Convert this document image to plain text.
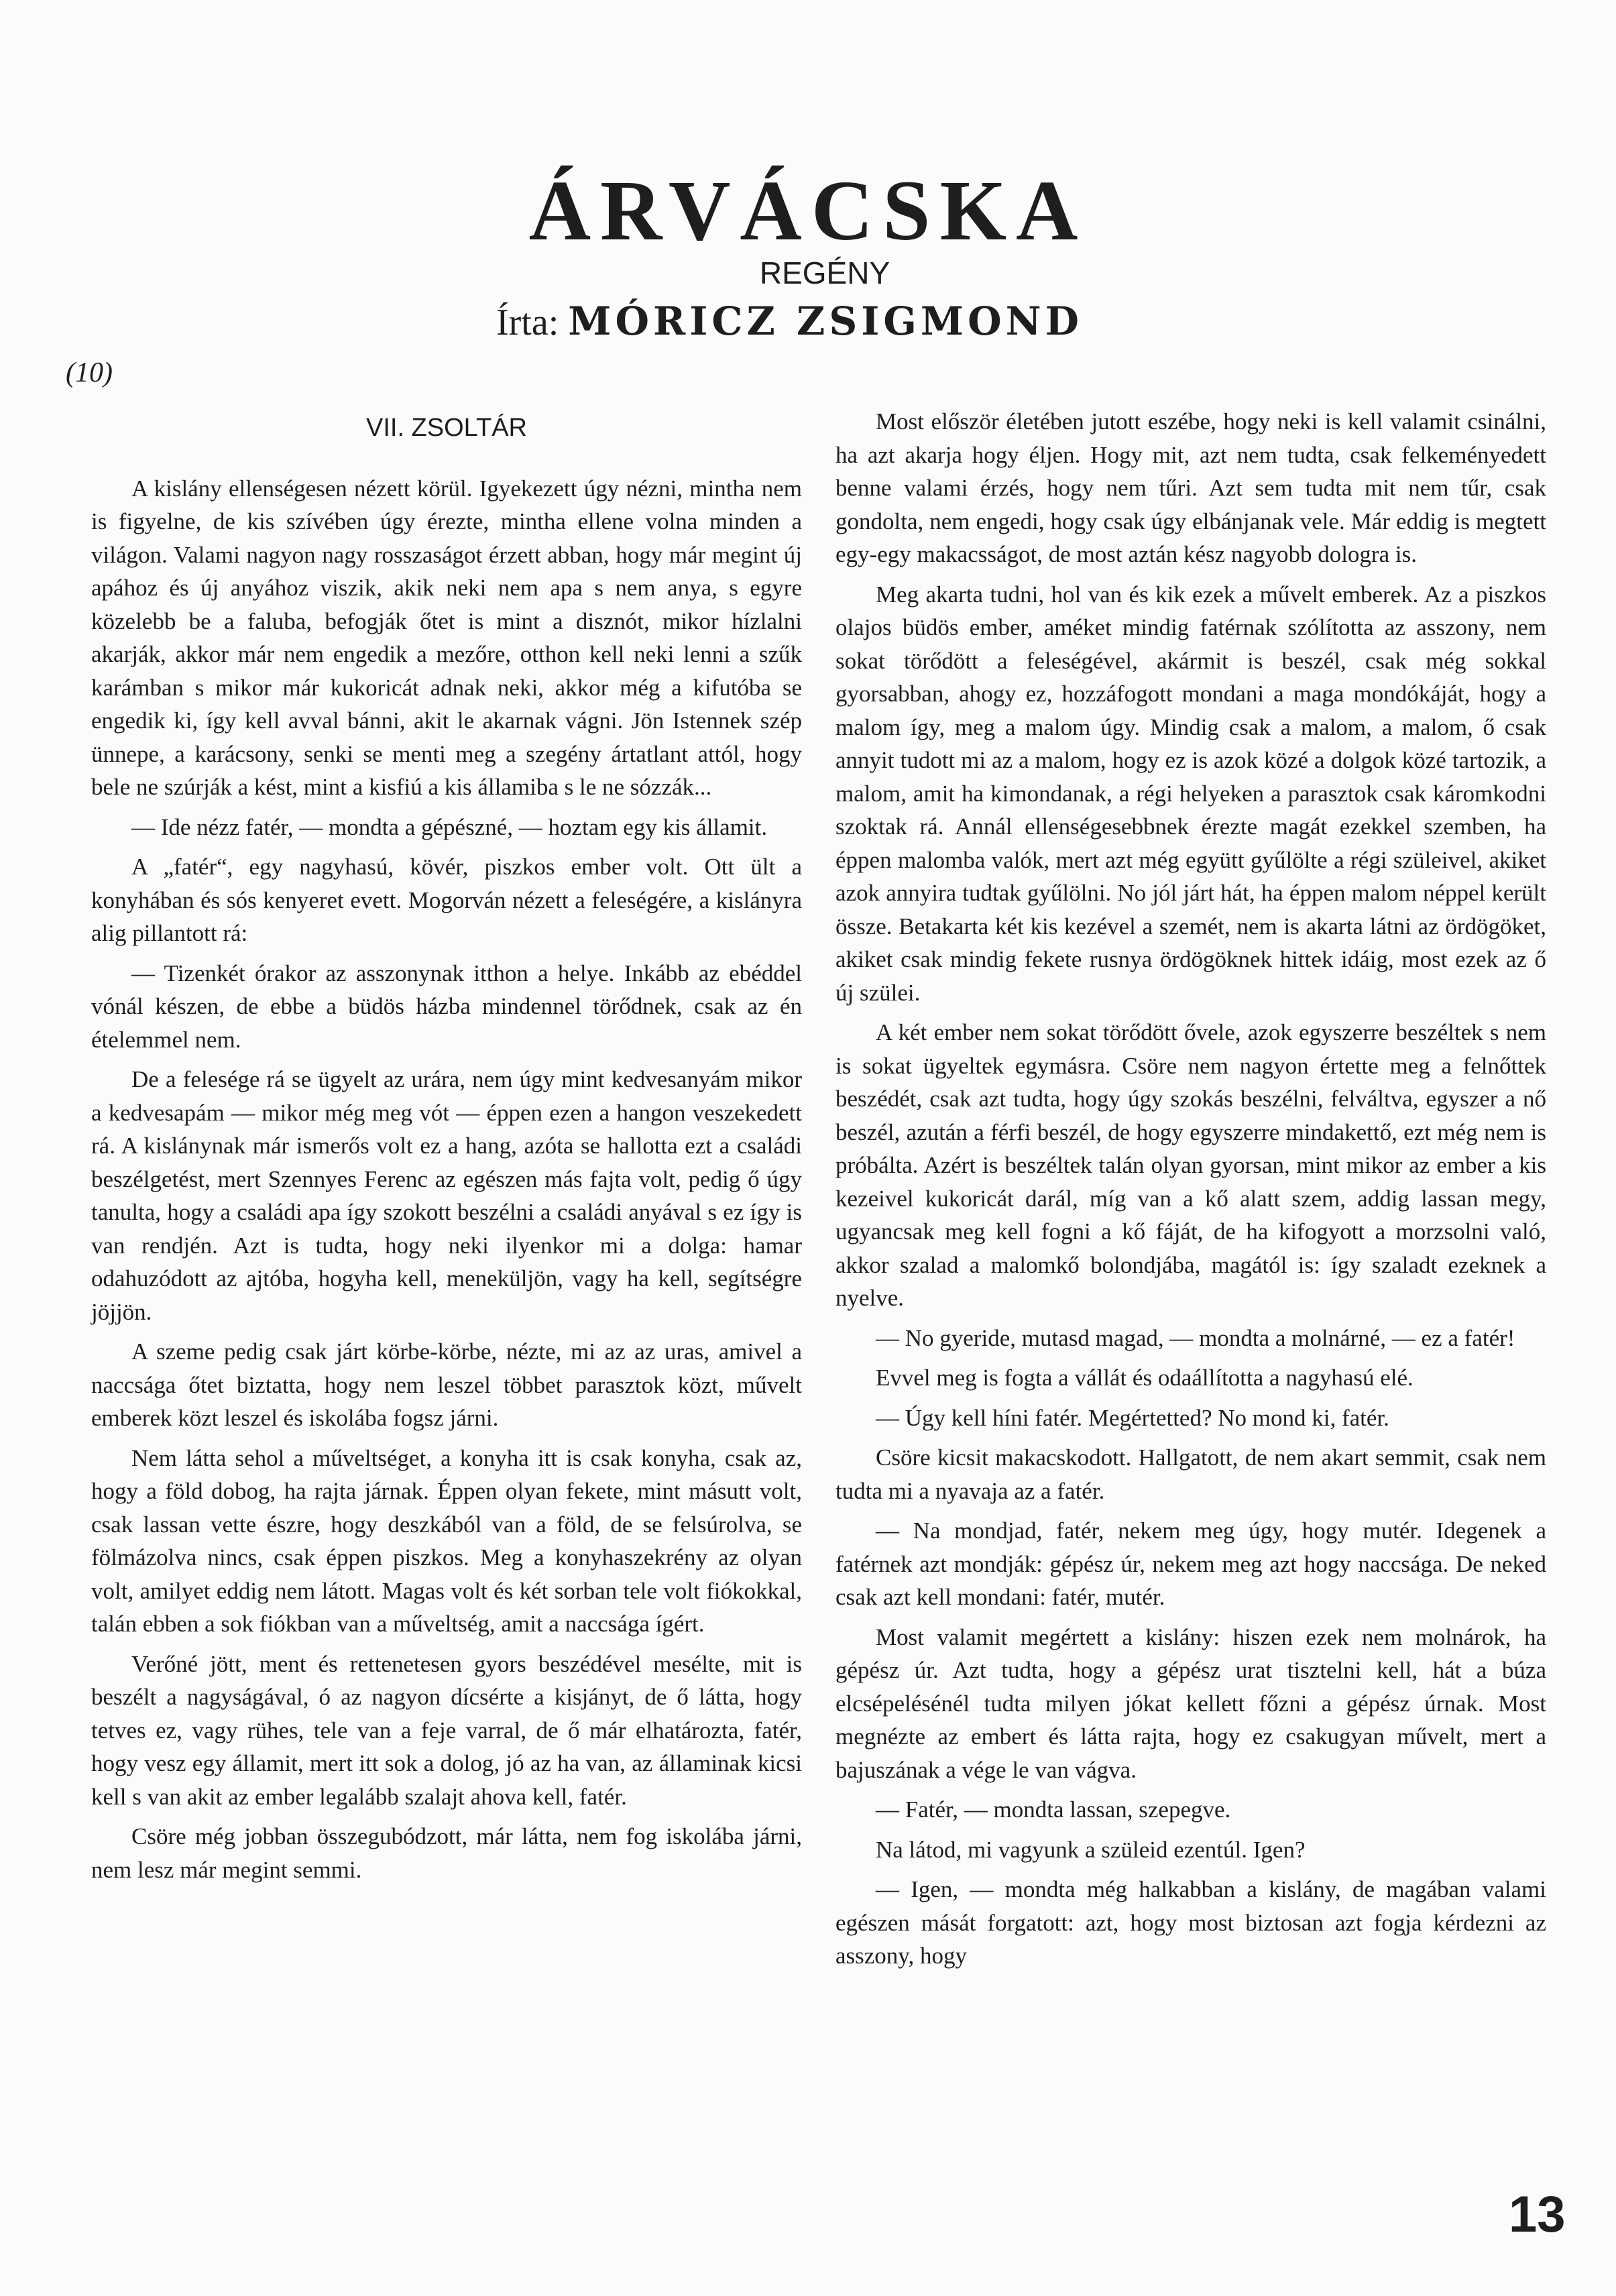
ÁRVÁCSKA
REGÉNY
Írta: MÓRICZ ZSIGMOND
(10)
VII. ZSOLTÁR

A kislány ellenségesen nézett körül. Igyekezett úgy nézni, mintha nem is figyelne, de kis szívében úgy érezte, mintha ellene volna minden a világon. Valami nagyon nagy rosszaságot érzett abban, hogy már megint új apához és új anyához viszik, akik neki nem apa s nem anya, s egyre közelebb be a faluba, befogják őtet is mint a disznót, mikor hízlalni akarják, akkor már nem engedik a mezőre, otthon kell neki lenni a szűk karámban s mikor már kukoricát adnak neki, akkor még a kifutóba se engedik ki, így kell avval bánni, akit le akarnak vágni. Jön Istennek szép ünnepe, a karácsony, senki se menti meg a szegény ártatlant attól, hogy bele ne szúrják a kést, mint a kisfiú a kis államiba s le ne sózzák...

— Ide nézz fatér, — mondta a gépészné, — hoztam egy kis államit.

A „fatér“, egy nagyhasú, kövér, piszkos ember volt. Ott ült a konyhában és sós kenyeret evett. Mogorván nézett a feleségére, a kislányra alig pillantott rá:

— Tizenkét órakor az asszonynak itthon a helye. Inkább az ebéddel vónál készen, de ebbe a büdös házba mindennel törődnek, csak az én ételemmel nem.

De a felesége rá se ügyelt az urára, nem úgy mint kedvesanyám mikor a kedvesapám — mikor még meg vót — éppen ezen a hangon veszekedett rá. A kislánynak már ismerős volt ez a hang, azóta se hallotta ezt a családi beszélgetést, mert Szennyes Ferenc az egészen más fajta volt, pedig ő úgy tanulta, hogy a családi apa így szokott beszélni a családi anyával s ez így is van rendjén. Azt is tudta, hogy neki ilyenkor mi a dolga: hamar odahuzódott az ajtóba, hogyha kell, meneküljön, vagy ha kell, segítségre jöjjön.

A szeme pedig csak járt körbe-körbe, nézte, mi az az uras, amivel a naccsága őtet biztatta, hogy nem leszel többet parasztok közt, művelt emberek közt leszel és iskolába fogsz járni.

Nem látta sehol a műveltséget, a konyha itt is csak konyha, csak az, hogy a föld dobog, ha rajta járnak. Éppen olyan fekete, mint másutt volt, csak lassan vette észre, hogy deszkából van a föld, de se felsúrolva, se fölmázolva nincs, csak éppen piszkos. Meg a konyhaszekrény az olyan volt, amilyet eddig nem látott. Magas volt és két sorban tele volt fiókokkal, talán ebben a sok fiókban van a műveltség, amit a naccsága ígért.

Verőné jött, ment és rettenetesen gyors beszédével mesélte, mit is beszélt a nagyságával, ó az nagyon dícsérte a kisjányt, de ő látta, hogy tetves ez, vagy rühes, tele van a feje varral, de ő már elhatározta, fatér, hogy vesz egy államit, mert itt sok a dolog, jó az ha van, az államinak kicsi kell s van akit az ember legalább szalajt ahova kell, fatér.

Csöre még jobban összegubódzott, már látta, nem fog iskolába járni, nem lesz már megint semmi.

Most először életében jutott eszébe, hogy neki is kell valamit csinálni, ha azt akarja hogy éljen. Hogy mit, azt nem tudta, csak felkeményedett benne valami érzés, hogy nem tűri. Azt sem tudta mit nem tűr, csak gondolta, nem engedi, hogy csak úgy elbánjanak vele. Már eddig is megtett egy-egy makacsságot, de most aztán kész nagyobb dologra is.

Meg akarta tudni, hol van és kik ezek a művelt emberek. Az a piszkos olajos büdös ember, améket mindig fatérnak szólította az asszony, nem sokat törődött a feleségével, akármit is beszél, csak még sokkal gyorsabban, ahogy ez, hozzáfogott mondani a maga mondókáját, hogy a malom így, meg a malom úgy. Mindig csak a malom, a malom, ő csak annyit tudott mi az a malom, hogy ez is azok közé a dolgok közé tartozik, a malom, amit ha kimondanak, a régi helyeken a parasztok csak káromkodni szoktak rá. Annál ellenségesebbnek érezte magát ezekkel szemben, ha éppen malomba valók, mert azt még együtt gyűlölte a régi szüleivel, akiket azok annyira tudtak gyűlölni. No jól járt hát, ha éppen malom néppel került össze. Betakarta két kis kezével a szemét, nem is akarta látni az ördögöket, akiket csak mindig fekete rusnya ördögöknek hittek idáig, most ezek az ő új szülei.

A két ember nem sokat törődött ővele, azok egyszerre beszéltek s nem is sokat ügyeltek egymásra. Csöre nem nagyon értette meg a felnőttek beszédét, csak azt tudta, hogy úgy szokás beszélni, felváltva, egyszer a nő beszél, azután a férfi beszél, de hogy egyszerre mindakettő, ezt még nem is próbálta. Azért is beszéltek talán olyan gyorsan, mint mikor az ember a kis kezeivel kukoricát darál, míg van a kő alatt szem, addig lassan megy, ugyancsak meg kell fogni a kő fáját, de ha kifogyott a morzsolni való, akkor szalad a malomkő bolondjába, magától is: így szaladt ezeknek a nyelve.

— No gyeride, mutasd magad, — mondta a molnárné, — ez a fatér!

Evvel meg is fogta a vállát és odaállította a nagyhasú elé.

— Úgy kell híni fatér. Megértetted? No mond ki, fatér.

Csöre kicsit makacskodott. Hallgatott, de nem akart semmit, csak nem tudta mi a nyavaja az a fatér.

— Na mondjad, fatér, nekem meg úgy, hogy mutér. Idegenek a fatérnek azt mondják: gépész úr, nekem meg azt hogy naccsága. De neked csak azt kell mondani: fatér, mutér.

Most valamit megértett a kislány: hiszen ezek nem molnárok, ha gépész úr. Azt tudta, hogy a gépész urat tisztelni kell, hát a búza elcsépelésénél tudta milyen jókat kellett főzni a gépész úrnak. Most megnézte az embert és látta rajta, hogy ez csakugyan művelt, mert a bajuszának a vége le van vágva.

— Fatér, — mondta lassan, szepegve.

Na látod, mi vagyunk a szüleid ezentúl. Igen?

— Igen, — mondta még halkabban a kislány, de magában valami egészen mását forgatott: azt, hogy most biztosan azt fogja kérdezni az asszony, hogy

13
